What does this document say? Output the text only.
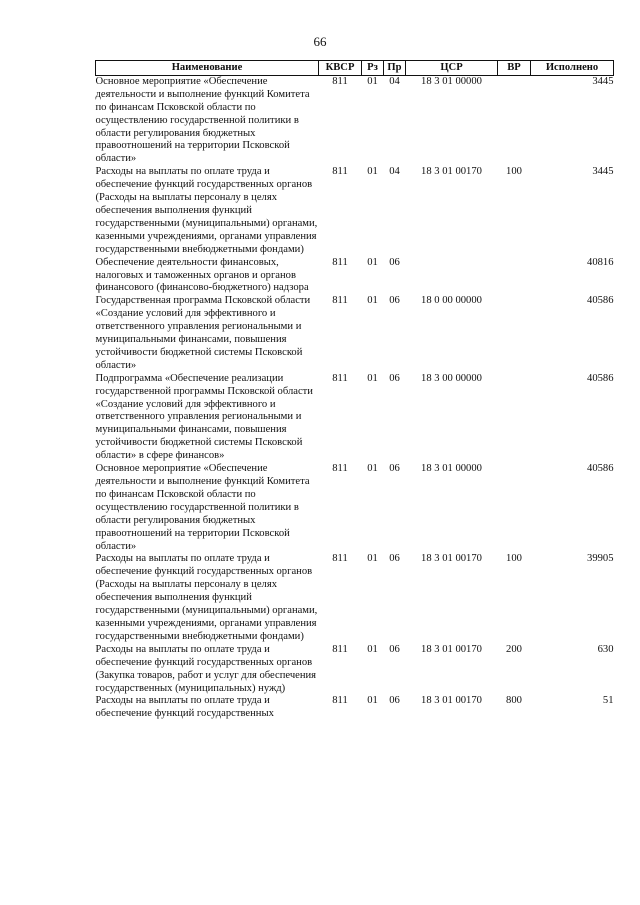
66
Наименование	КВСР	Рз	Пр	ЦСР	ВР	Исполнено
Основное мероприятие «Обеспечение деятельности и выполнение функций Комитета по финансам Псковской области по осуществлению государственной политики в области регулирования бюджетных правоотношений на территории Псковской области»	811	01	04	18 3 01 00000		3445
Расходы на выплаты по оплате труда и обеспечение функций государственных органов (Расходы на выплаты персоналу в целях обеспечения выполнения функций государственными (муниципальными) органами, казенными учреждениями, органами управления государственными внебюджетными фондами)	811	01	04	18 3 01 00170	100	3445
Обеспечение деятельности финансовых, налоговых и таможенных органов и органов финансового (финансово-бюджетного) надзора	811	01	06			40816
Государственная программа Псковской области «Создание условий для эффективного и ответственного управления региональными и муниципальными финансами, повышения устойчивости бюджетной системы Псковской области»	811	01	06	18 0 00 00000		40586
Подпрограмма «Обеспечение реализации государственной программы Псковской области «Создание условий для эффективного и ответственного управления региональными и муниципальными финансами, повышения устойчивости бюджетной системы Псковской области» в сфере финансов»	811	01	06	18 3 00 00000		40586
Основное мероприятие «Обеспечение деятельности и выполнение функций Комитета по финансам Псковской области по осуществлению государственной политики в области регулирования бюджетных правоотношений на территории Псковской области»	811	01	06	18 3 01 00000		40586
Расходы на выплаты по оплате труда и обеспечение функций государственных органов (Расходы на выплаты персоналу в целях обеспечения выполнения функций государственными (муниципальными) органами, казенными учреждениями, органами управления государственными внебюджетными фондами)	811	01	06	18 3 01 00170	100	39905
Расходы на выплаты по оплате труда и обеспечение функций государственных органов (Закупка товаров, работ и услуг для обеспечения государственных (муниципальных) нужд)	811	01	06	18 3 01 00170	200	630
Расходы на выплаты по оплате труда и обеспечение функций государственных	811	01	06	18 3 01 00170	800	51
